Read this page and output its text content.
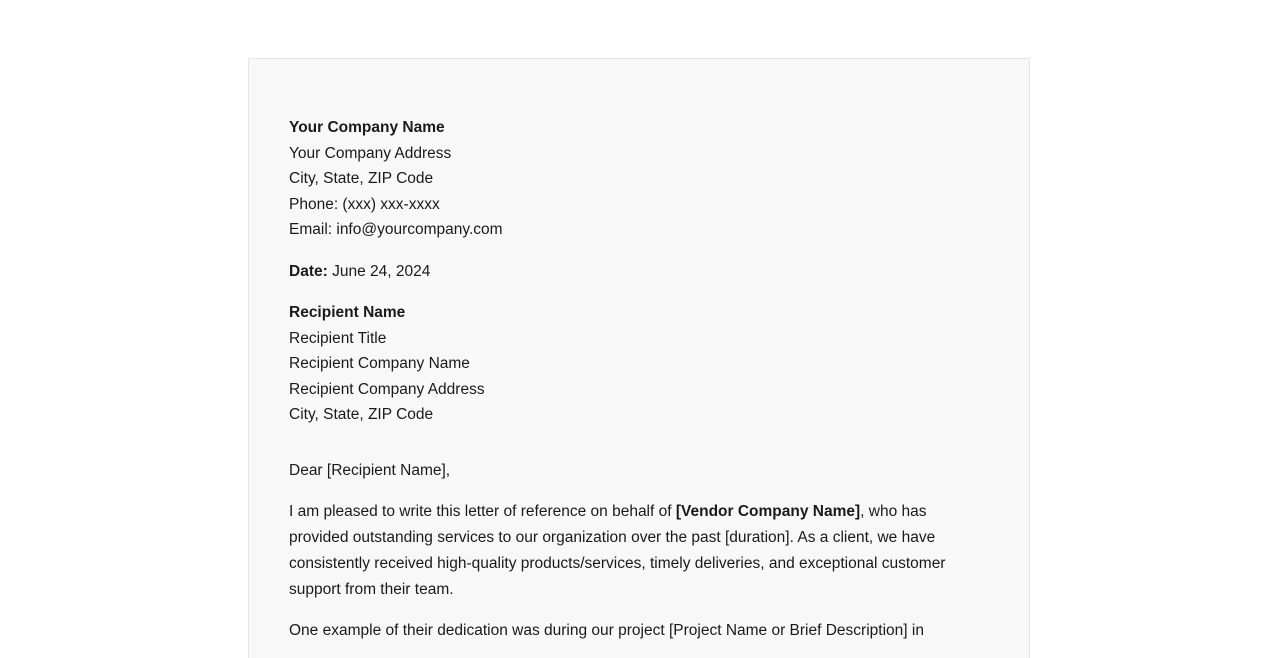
Your Company Name
Your Company Address
City, State, ZIP Code
Phone: (xxx) xxx-xxxx
Email: info@yourcompany.com
Date: June 24, 2024
Recipient Name
Recipient Title
Recipient Company Name
Recipient Company Address
City, State, ZIP Code

Dear [Recipient Name],

I am pleased to write this letter of reference on behalf of [Vendor Company Name], who has provided outstanding services to our organization over the past [duration]. As a client, we have consistently received high-quality products/services, timely deliveries, and exceptional customer support from their team.

One example of their dedication was during our project [Project Name or Brief Description] in
